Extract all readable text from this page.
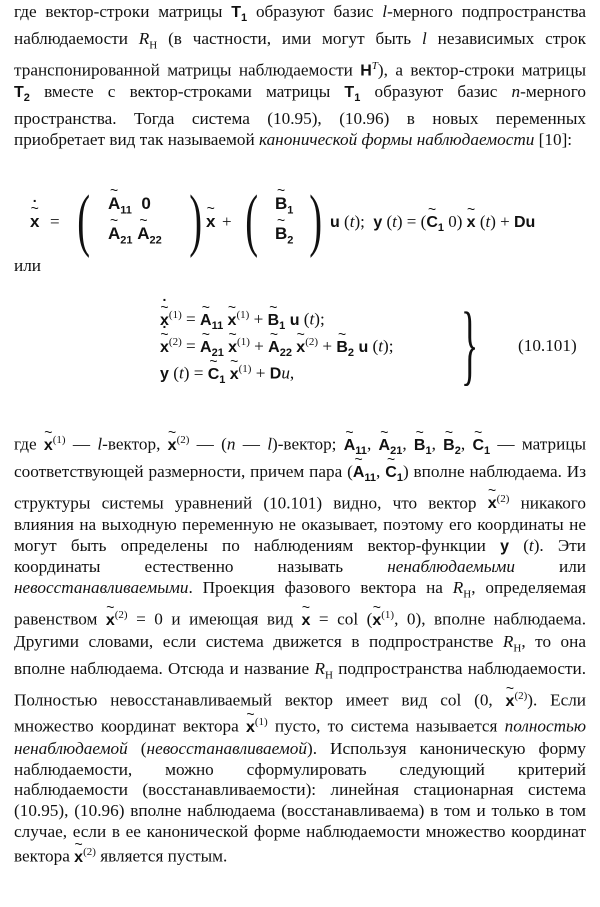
где вектор-строки матрицы $T_1$ образуют базис l-мерного подпространства наблюдаемости $R_Н$ (в частности, ими могут быть l независимых строк транспонированной матрицы наблюдаемости $H^T$), а вектор-строки матрицы $T_2$ вместе с вектор-строками матрицы $T_1$ образуют базис n-мерного пространства. Тогда система (10.95), (10.96) в новых переменных приобретает вид так называемой канонической формы наблюдаемости [10]:
~ x . = ( ~ $A_{11}$  0
~ $A_{21}$ ~ $A_{22}$ ) ~ x + ( ~ $B_1$
~ $B_2$ ) u (t);  y (t) = (~ $C_1$ 0) ~ x (t) + Du
или
~ x .$^{(1)}$ = ~ $A_{11}$ ~ $x^{(1)}$ + ~ $B_1$ u (t);
~ x .$^{(2)}$ = ~ $A_{21}$ ~ $x^{(1)}$ + ~ $A_{22}$ ~ $x^{(2)}$ + ~ $B_2$ u (t);
y (t) = ~ $C_1$ ~ $x^{(1)} + Du$,	} (10.101)
где ~ $x^{(1)}$ — l-вектор, ~ $x^{(2)}$ — (n — l)-вектор; ~ $A_{11}$, ~ $A_{21}$, ~ $B_1$, ~ $B_2$, ~ $C_1$ — матрицы соответствующей размерности, причем пара (~ $A_{11}$, ~ $C_1$) вполне наблюдаема. Из структуры системы уравнений (10.101) видно, что вектор ~ $x^{(2)}$ никакого влияния на выходную переменную не оказывает, поэтому его координаты не могут быть определены по наблюдениям вектор-функции y (t). Эти координаты естественно называть ненаблюдаемыми или невосстанавливаемыми. Проекция фазового вектора на $R_Н$, определяемая равенством ~ $x^{(2)} = 0$ и имеющая вид ~ x = col (~ $x^{(1)}$, 0), вполне наблюдаема. Другими словами, если система движется в подпространстве $R_Н$, то она вполне наблюдаема. Отсюда и название $R_Н$ подпространства наблюдаемости. Полностью невосстанавливаемый вектор имеет вид col (0, ~ $x^{(2)}$). Если множество координат вектора ~ $x^{(1)}$ пусто, то система называется полностью ненаблюдаемой (невосстанавливаемой). Используя каноническую форму наблюдаемости, можно сформулировать следующий критерий наблюдаемости (восстанавливаемости): линейная стационарная система (10.95), (10.96) вполне наблюдаема (восстанавливаема) в том и только в том случае, если в ее канонической форме наблюдаемости множество координат вектора ~ $x^{(2)}$ является пустым.
